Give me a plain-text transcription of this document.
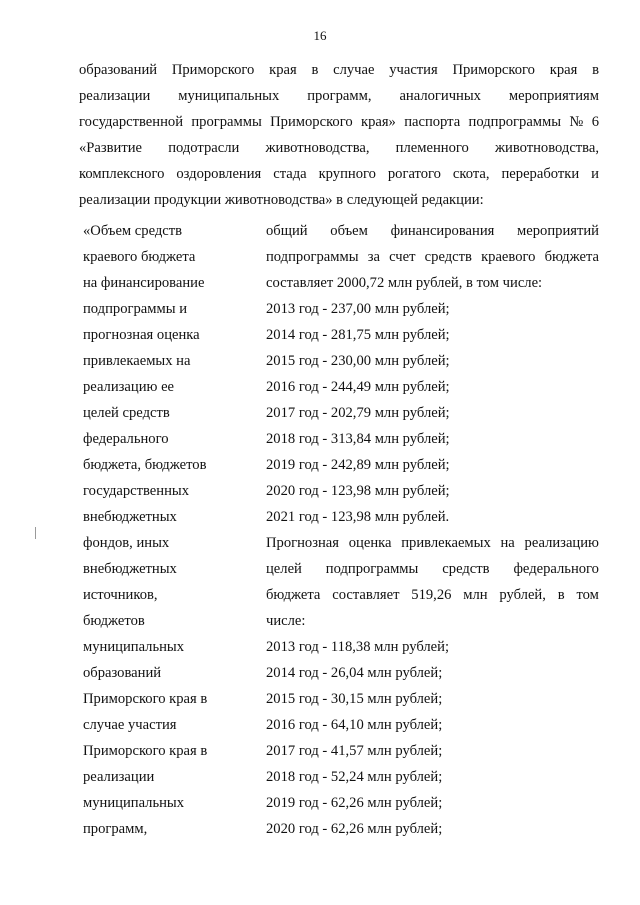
16
образований Приморского края в случае участия Приморского края в
реализации муниципальных программ, аналогичных мероприятиям
государственной программы Приморского края» паспорта подпрограммы № 6
«Развитие подотрасли животноводства, племенного животноводства,
комплексного оздоровления стада крупного рогатого скота, переработки и
реализации продукции животноводства» в следующей редакции:
«Объем средств
краевого бюджета
на финансирование
подпрограммы и
прогнозная оценка
привлекаемых на
реализацию ее
целей средств
федерального
бюджета, бюджетов
государственных
внебюджетных
фондов, иных
внебюджетных
источников,
бюджетов
муниципальных
образований
Приморского края в
случае участия
Приморского края в
реализации
муниципальных
программ,
общий объем финансирования мероприятий
подпрограммы за счет средств краевого бюджета
составляет 2000,72 млн рублей, в том числе:
2013 год - 237,00 млн рублей;
2014 год - 281,75 млн рублей;
2015 год - 230,00 млн рублей;
2016 год - 244,49 млн рублей;
2017 год - 202,79 млн рублей;
2018 год - 313,84 млн рублей;
2019 год - 242,89 млн рублей;
2020 год - 123,98 млн рублей;
2021 год - 123,98 млн рублей.
Прогнозная оценка привлекаемых на реализацию
целей подпрограммы средств федерального
бюджета составляет 519,26 млн рублей, в том
числе:
2013 год - 118,38 млн рублей;
2014 год - 26,04 млн рублей;
2015 год - 30,15 млн рублей;
2016 год - 64,10 млн рублей;
2017 год - 41,57 млн рублей;
2018 год - 52,24 млн рублей;
2019 год - 62,26 млн рублей;
2020 год - 62,26 млн рублей;
